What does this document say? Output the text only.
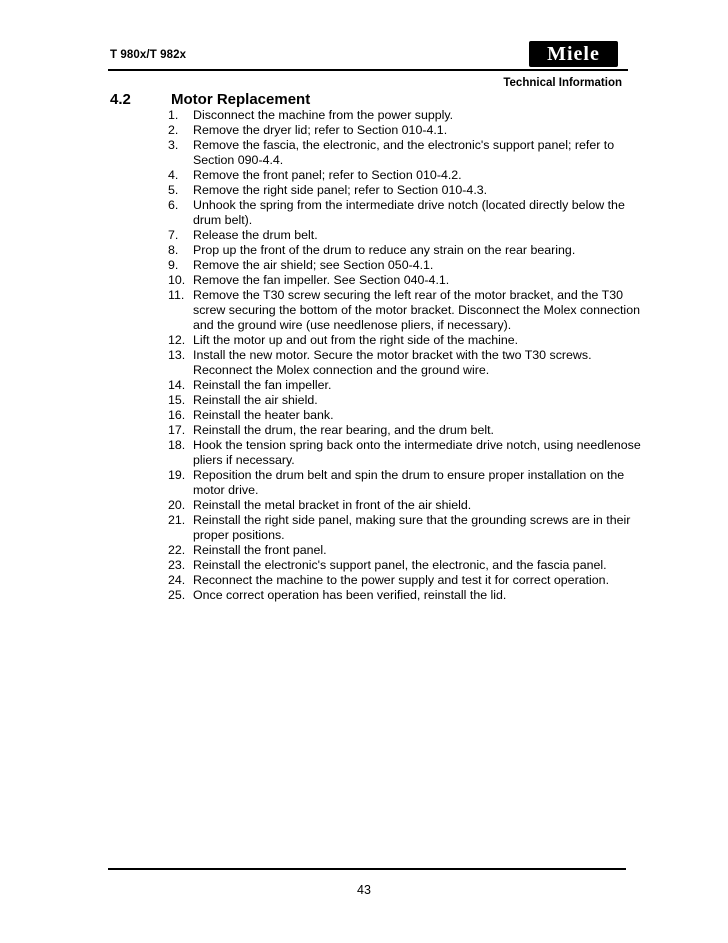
T 980x/T 982x	Miele
Technical Information
4.2	Motor Replacement
1.	Disconnect the machine from the power supply.
2.	Remove the dryer lid; refer to Section 010-4.1.
3.	Remove the fascia, the electronic, and the electronic's support panel; refer to Section 090-4.4.
4.	Remove the front panel; refer to Section 010-4.2.
5.	Remove the right side panel; refer to Section 010-4.3.
6.	Unhook the spring from the intermediate drive notch (located directly below the drum belt).
7.	Release the drum belt.
8.	Prop up the front of the drum to reduce any strain on the rear bearing.
9.	Remove the air shield; see Section 050-4.1.
10. Remove the fan impeller. See Section 040-4.1.
11. Remove the T30 screw securing the left rear of the motor bracket, and the T30 screw securing the bottom of the motor bracket. Disconnect the Molex connection and the ground wire (use needlenose pliers, if necessary).
12. Lift the motor up and out from the right side of the machine.
13. Install the new motor. Secure the motor bracket with the two T30 screws. Reconnect the Molex connection and the ground wire.
14. Reinstall the fan impeller.
15. Reinstall the air shield.
16. Reinstall the heater bank.
17. Reinstall the drum, the rear bearing, and the drum belt.
18. Hook the tension spring back onto the intermediate drive notch, using needlenose pliers if necessary.
19. Reposition the drum belt and spin the drum to ensure proper installation on the motor drive.
20. Reinstall the metal bracket in front of the air shield.
21. Reinstall the right side panel, making sure that the grounding screws are in their proper positions.
22. Reinstall the front panel.
23. Reinstall the electronic's support panel, the electronic, and the fascia panel.
24. Reconnect the machine to the power supply and test it for correct operation.
25. Once correct operation has been verified, reinstall the lid.
43
